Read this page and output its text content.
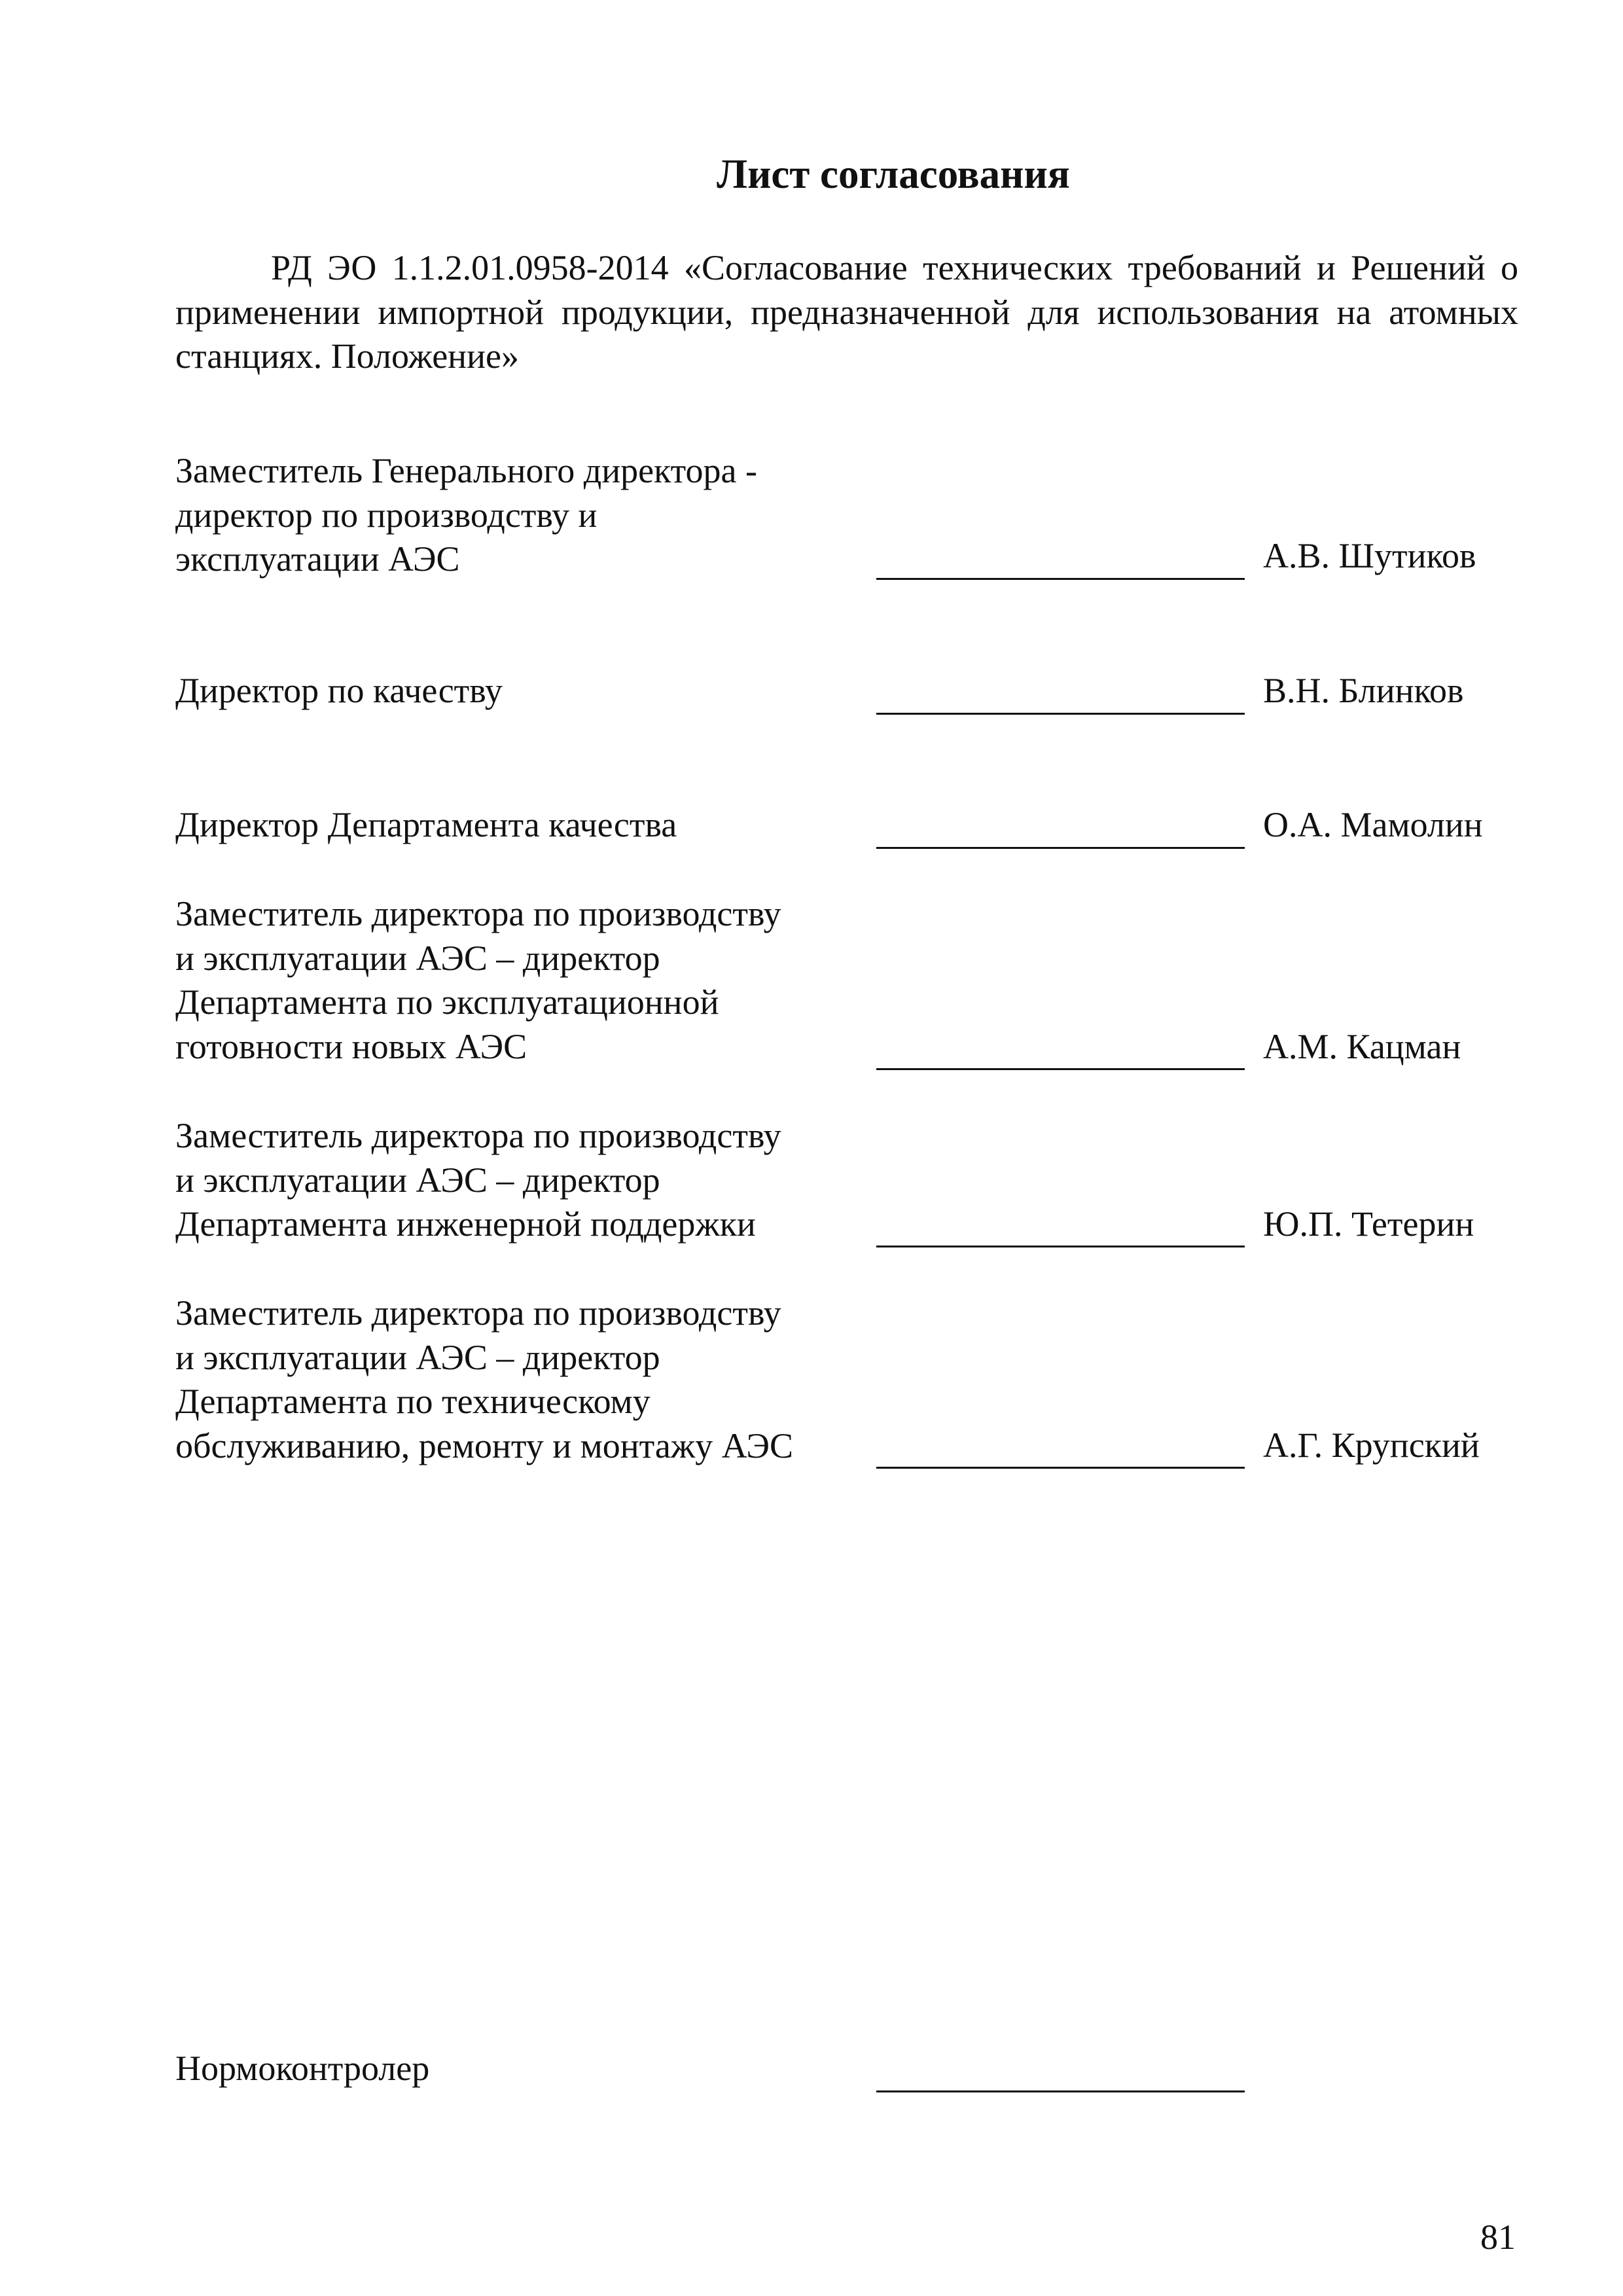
Лист согласования

РД ЭО 1.1.2.01.0958-2014 «Согласование технических требований и Решений о применении импортной продукции, предназначенной для использования на атомных станциях. Положение»

Заместитель Генерального директора -
директор по производству и
эксплуатации АЭС	А.В. Шутиков
Директор по качеству	В.Н. Блинков
Директор Департамента качества	О.А. Мамолин
Заместитель директора по производству
и эксплуатации АЭС – директор
Департамента по эксплуатационной
готовности новых АЭС	А.М. Кацман
Заместитель директора по производству
и эксплуатации АЭС – директор
Департамента инженерной поддержки	Ю.П. Тетерин
Заместитель директора по производству
и эксплуатации АЭС – директор
Департамента по техническому
обслуживанию, ремонту и монтажу АЭС	А.Г. Крупский
Нормоконтролер
81
